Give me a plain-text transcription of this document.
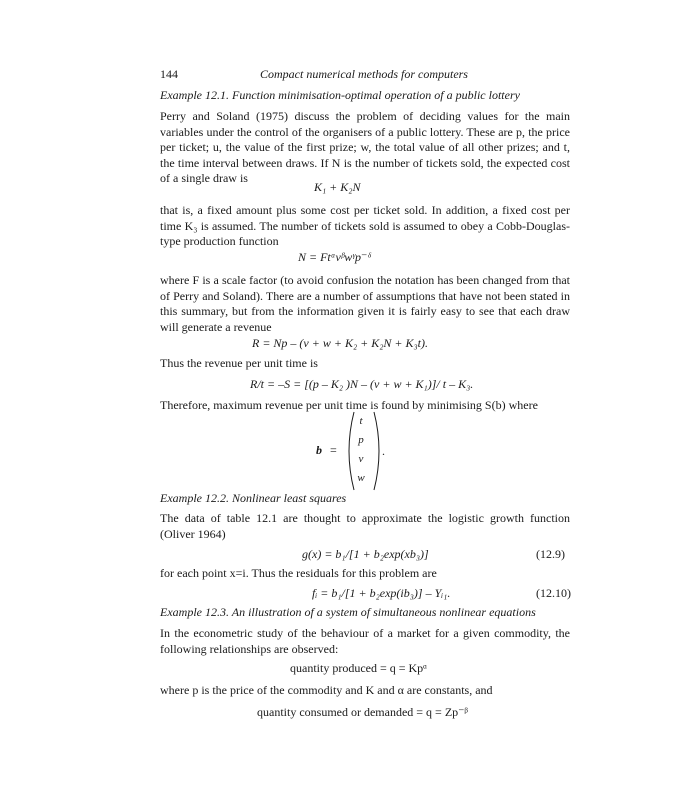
144	Compact numerical methods for computers
Example 12.1. Function minimisation-optimal operation of a public lottery
Perry and Soland (1975) discuss the problem of deciding values for the main variables under the control of the organisers of a public lottery. These are p, the price per ticket; u, the value of the first prize; w, the total value of all other prizes; and t, the time interval between draws. If N is the number of tickets sold, the expected cost of a single draw is
K₁ + K₂N
that is, a fixed amount plus some cost per ticket sold. In addition, a fixed cost per time K₃ is assumed. The number of tickets sold is assumed to obey a Cobb-Douglas-type production function
N = Ftᵅvᵝwᵞp⁻ᵟ
where F is a scale factor (to avoid confusion the notation has been changed from that of Perry and Soland). There are a number of assumptions that have not been stated in this summary, but from the information given it is fairly easy to see that each draw will generate a revenue
R = Np – (v + w + K₂ + K₂N + K₃t).
Thus the revenue per unit time is
R/t = –S = [(p – K₂ )N – (v + w + K₁)]/ t – K₃.
Therefore, maximum revenue per unit time is found by minimising S(b) where
b =
t
p
v
w
.
Example 12.2. Nonlinear least squares
The data of table 12.1 are thought to approximate the logistic growth function (Oliver 1964)
g(x) = b₁/[1 + b₂exp(xb₃)]	(12.9)
for each point x=i. Thus the residuals for this problem are
fᵢ = b₁/[1 + b₂exp(ib₃)] – Yᵢ₁.	(12.10)
Example 12.3. An illustration of a system of simultaneous nonlinear equations
In the econometric study of the behaviour of a market for a given commodity, the following relationships are observed:
quantity produced = q = Kpᵅ
where p is the price of the commodity and K and α are constants, and
quantity consumed or demanded = q = Zp⁻ᵝ
